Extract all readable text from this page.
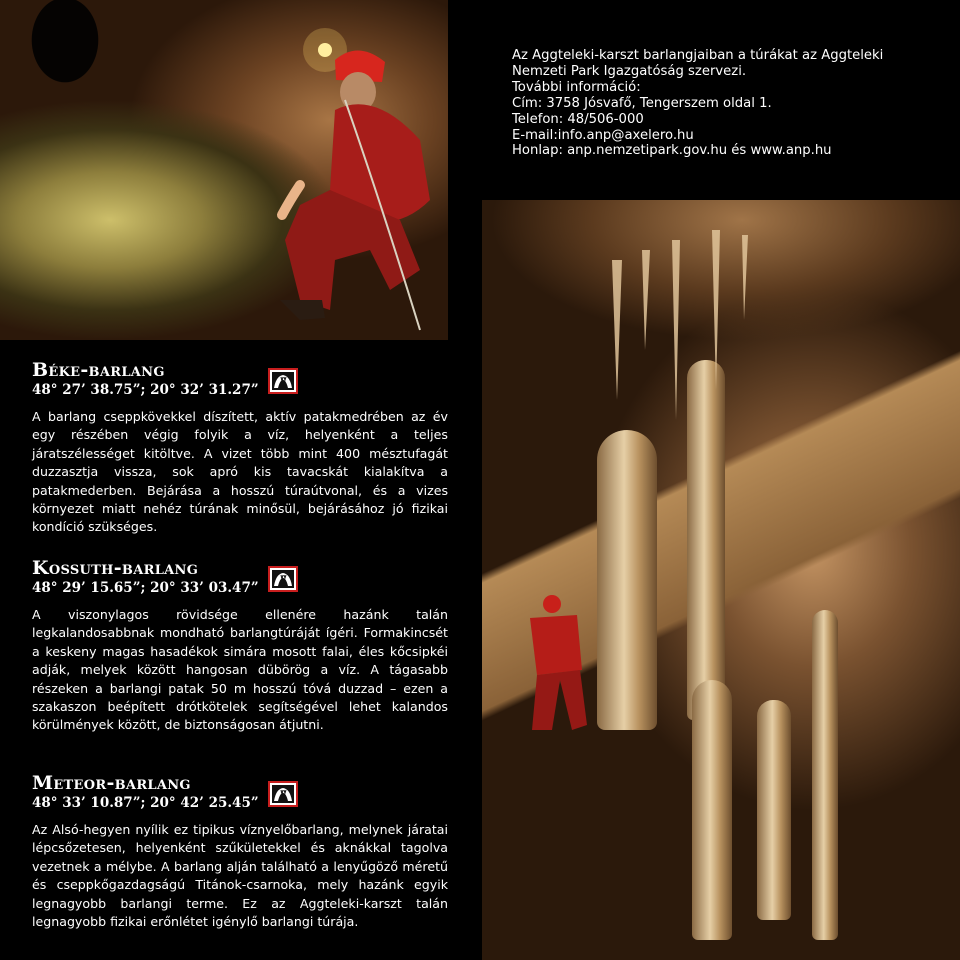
Az Aggteleki-karszt barlangjaiban a túrákat az Aggteleki
Nemzeti Park Igazgatóság szervezi.
További információ:
Cím: 3758 Jósvafő, Tengerszem oldal 1.
Telefon: 48/506-000
E-mail:info.anp@axelero.hu
Honlap: anp.nemzetipark.gov.hu és www.anp.hu
Béke-barlang
48° 27’ 38.75”; 20° 32’ 31.27”
A barlang cseppkövekkel díszített, aktív patakmedrében az év egy részében végig folyik a víz, helyenként a teljes járatszélességet kitöltve. A vizet több mint 400 mésztufagát duzzasztja vissza, sok apró kis tavacskát kialakítva a patakmederben. Bejárása a hosszú túraútvonal, és a vizes környezet miatt nehéz túrának minősül, bejárásához jó fizikai kondíció szükséges.
Kossuth-barlang
48° 29’ 15.65”; 20° 33’ 03.47”
A viszonylagos rövidsége ellenére hazánk talán legkalandosabbnak mondható barlangtúráját ígéri. Formakincsét a keskeny magas hasadékok simára mosott falai, éles kőcsipkéi adják, melyek között hangosan dübörög a víz. A tágasabb részeken a barlangi patak 50 m hosszú tóvá duzzad – ezen a szakaszon beépített drótkötelek segítségével lehet kalandos körülmények között, de biztonságosan átjutni.
Meteor-barlang
48° 33’ 10.87”; 20° 42’ 25.45”
Az Alsó-hegyen nyílik ez tipikus víznyelőbarlang, melynek járatai lépcsőzetesen, helyenként szűkületekkel és aknákkal tagolva vezetnek a mélybe. A barlang alján található a lenyűgöző méretű és cseppkőgazdagságú Titánok-csarnoka, mely hazánk egyik legnagyobb barlangi terme. Ez az Aggteleki-karszt talán legnagyobb fizikai erőnlétet igénylő barlangi túrája.
